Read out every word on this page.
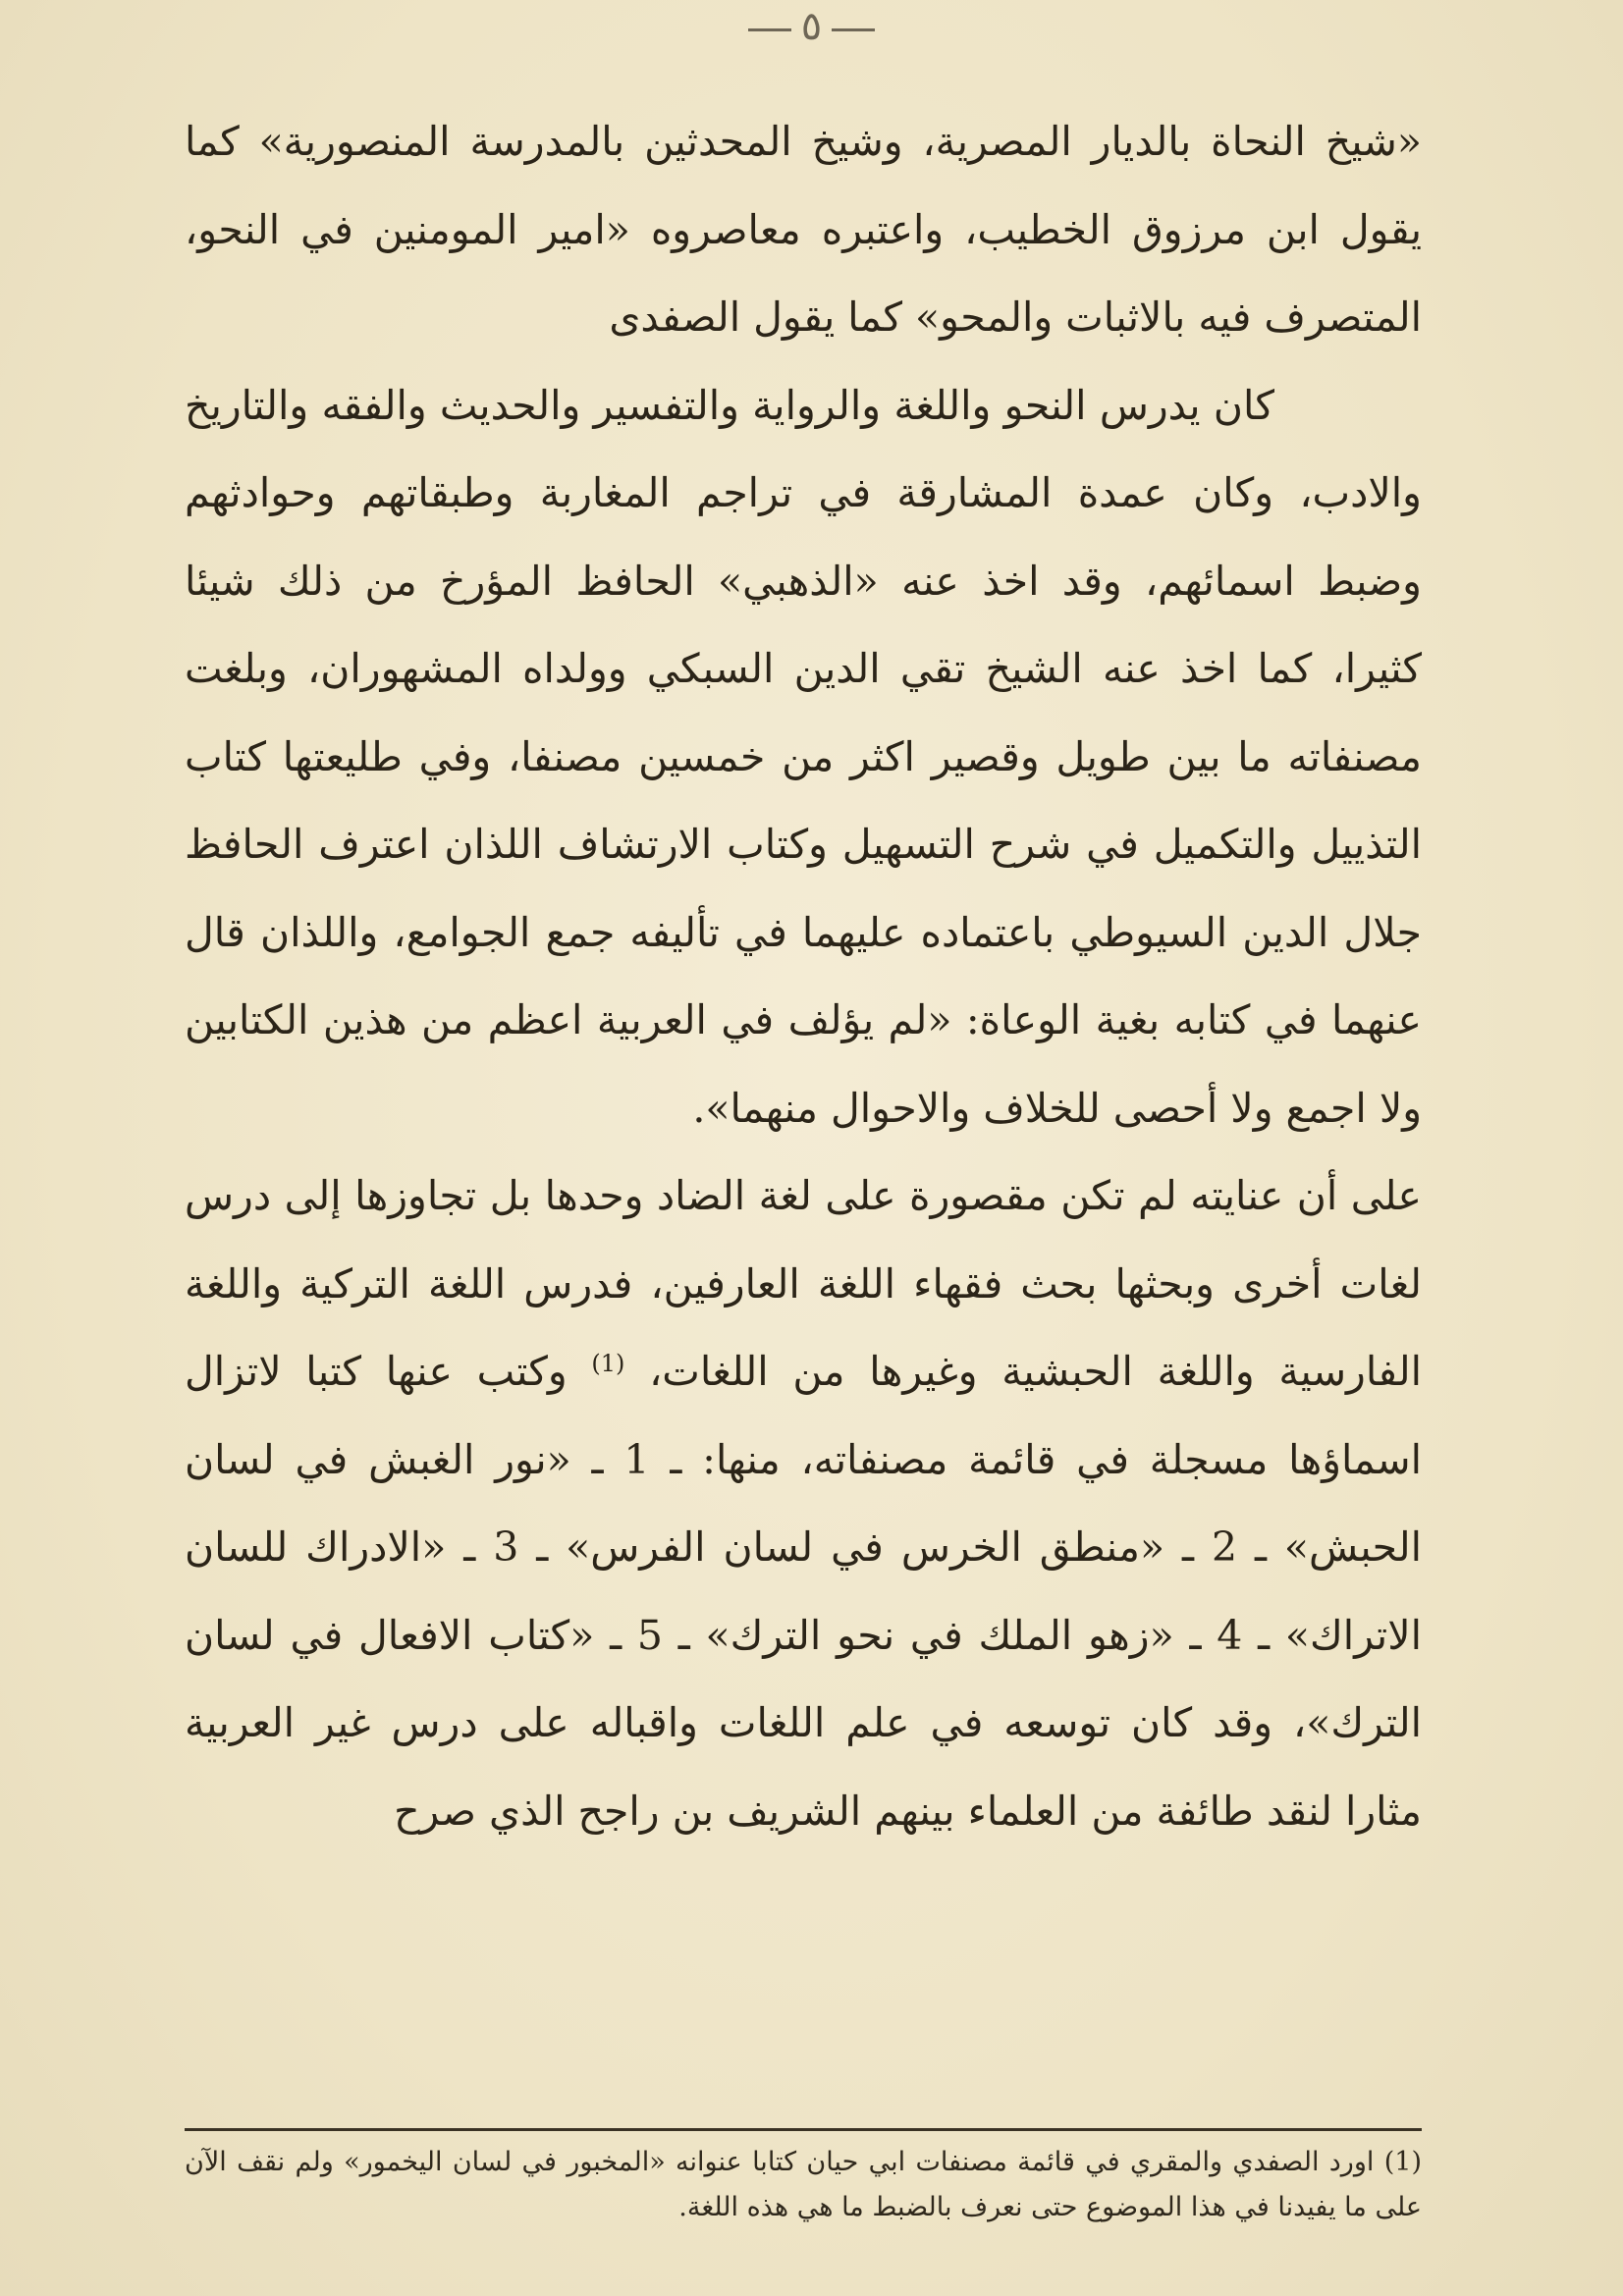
٥

«شيخ النحاة بالديار المصرية، وشيخ المحدثين بالمدرسة المنصورية» كما يقول ابن مرزوق الخطيب، واعتبره معاصروه «امير المومنين في النحو، المتصرف فيه بالاثبات والمحو» كما يقول الصفدى

كان يدرس النحو واللغة والرواية والتفسير والحديث والفقه والتاريخ والادب، وكان عمدة المشارقة في تراجم المغاربة وطبقاتهم وحوادثهم وضبط اسمائهم، وقد اخذ عنه «الذهبي» الحافظ المؤرخ من ذلك شيئا كثيرا، كما اخذ عنه الشيخ تقي الدين السبكي وولداه المشهوران، وبلغت مصنفاته ما بين طويل وقصير اكثر من خمسين مصنفا، وفي طليعتها كتاب التذييل والتكميل في شرح التسهيل وكتاب الارتشاف اللذان اعترف الحافظ جلال الدين السيوطي باعتماده عليهما في تأليفه جمع الجوامع، واللذان قال عنهما في كتابه بغية الوعاة: «لم يؤلف في العربية اعظم من هذين الكتابين ولا اجمع ولا أحصى للخلاف والاحوال منهما».

على أن عنايته لم تكن مقصورة على لغة الضاد وحدها بل تجاوزها إلى درس لغات أخرى وبحثها بحث فقهاء اللغة العارفين، فدرس اللغة التركية واللغة الفارسية واللغة الحبشية وغيرها من اللغات، $^{(1)}$ وكتب عنها كتبا لاتزال اسماؤها مسجلة في قائمة مصنفاته، منها: ـ 1 ـ «نور الغبش في لسان الحبش» ـ 2 ـ «منطق الخرس في لسان الفرس» ـ 3 ـ «الادراك للسان الاتراك» ـ 4 ـ «زهو الملك في نحو الترك» ـ 5 ـ «كتاب الافعال في لسان الترك»، وقد كان توسعه في علم اللغات واقباله على درس غير العربية مثارا لنقد طائفة من العلماء بينهم الشريف بن راجح الذي صرح

(1) اورد الصفدي والمقري في قائمة مصنفات ابي حيان كتابا عنوانه «المخبور في لسان اليخمور» ولم نقف الآن على ما يفيدنا في هذا الموضوع حتى نعرف بالضبط ما هي هذه اللغة.
